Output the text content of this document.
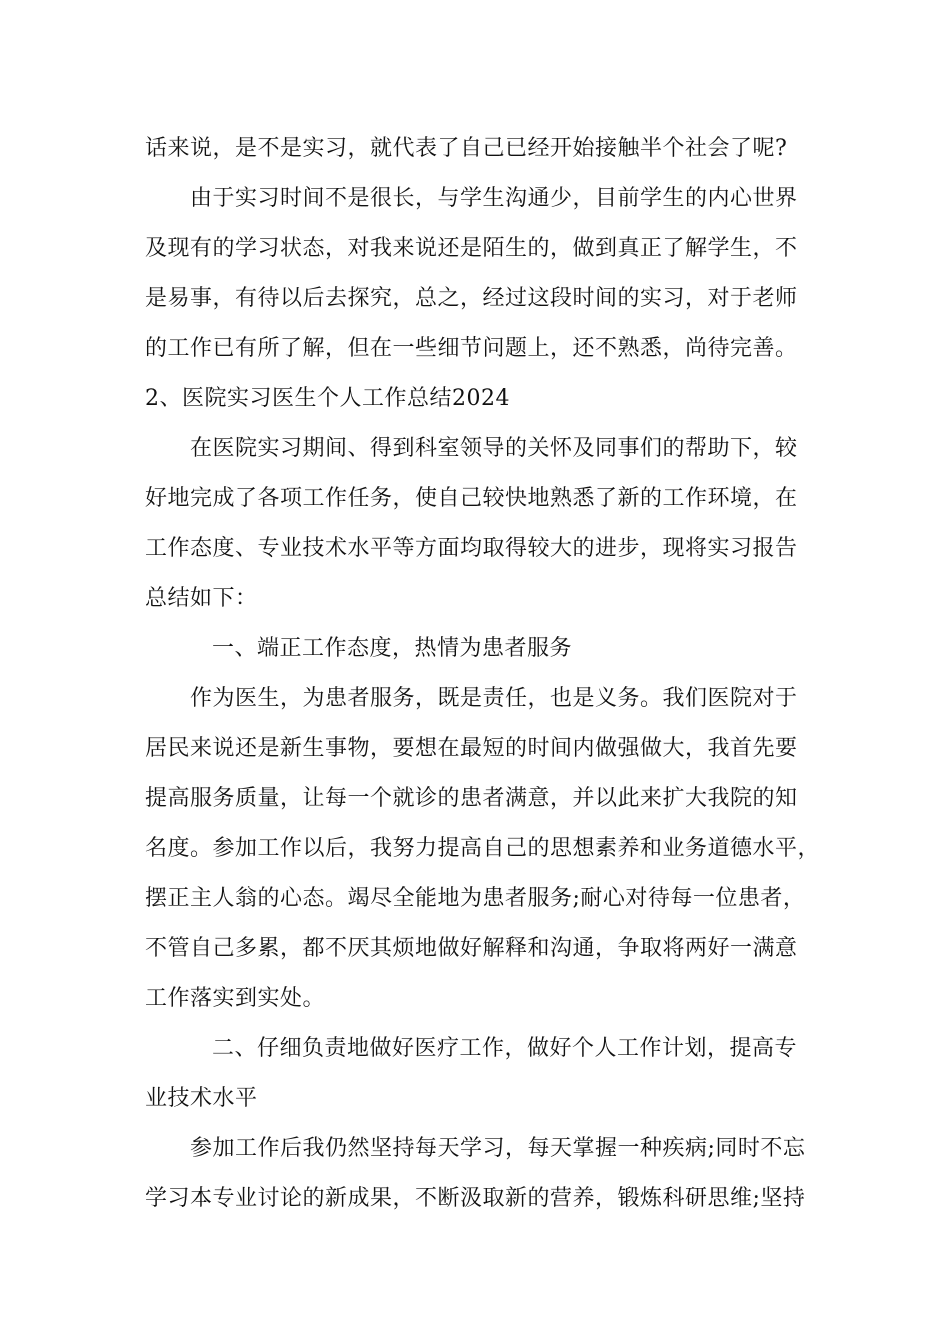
话来说，是不是实习，就代表了自己已经开始接触半个社会了呢?
由于实习时间不是很长，与学生沟通少，目前学生的内心世界
及现有的学习状态，对我来说还是陌生的，做到真正了解学生，不
是易事，有待以后去探究，总之，经过这段时间的实习，对于老师
的工作已有所了解，但在一些细节问题上，还不熟悉，尚待完善。
2、医院实习医生个人工作总结2024
在医院实习期间、得到科室领导的关怀及同事们的帮助下，较
好地完成了各项工作任务，使自己较快地熟悉了新的工作环境，在
工作态度、专业技术水平等方面均取得较大的进步，现将实习报告
总结如下：
一、端正工作态度，热情为患者服务
作为医生，为患者服务，既是责任，也是义务。我们医院对于
居民来说还是新生事物，要想在最短的时间内做强做大，我首先要
提高服务质量，让每一个就诊的患者满意，并以此来扩大我院的知
名度。参加工作以后，我努力提高自己的思想素养和业务道德水平，
摆正主人翁的心态。竭尽全能地为患者服务;耐心对待每一位患者，
不管自己多累，都不厌其烦地做好解释和沟通，争取将两好一满意
工作落实到实处。
二、仔细负责地做好医疗工作，做好个人工作计划，提高专
业技术水平
参加工作后我仍然坚持每天学习，每天掌握一种疾病;同时不忘
学习本专业讨论的新成果，不断汲取新的营养，锻炼科研思维;坚持
